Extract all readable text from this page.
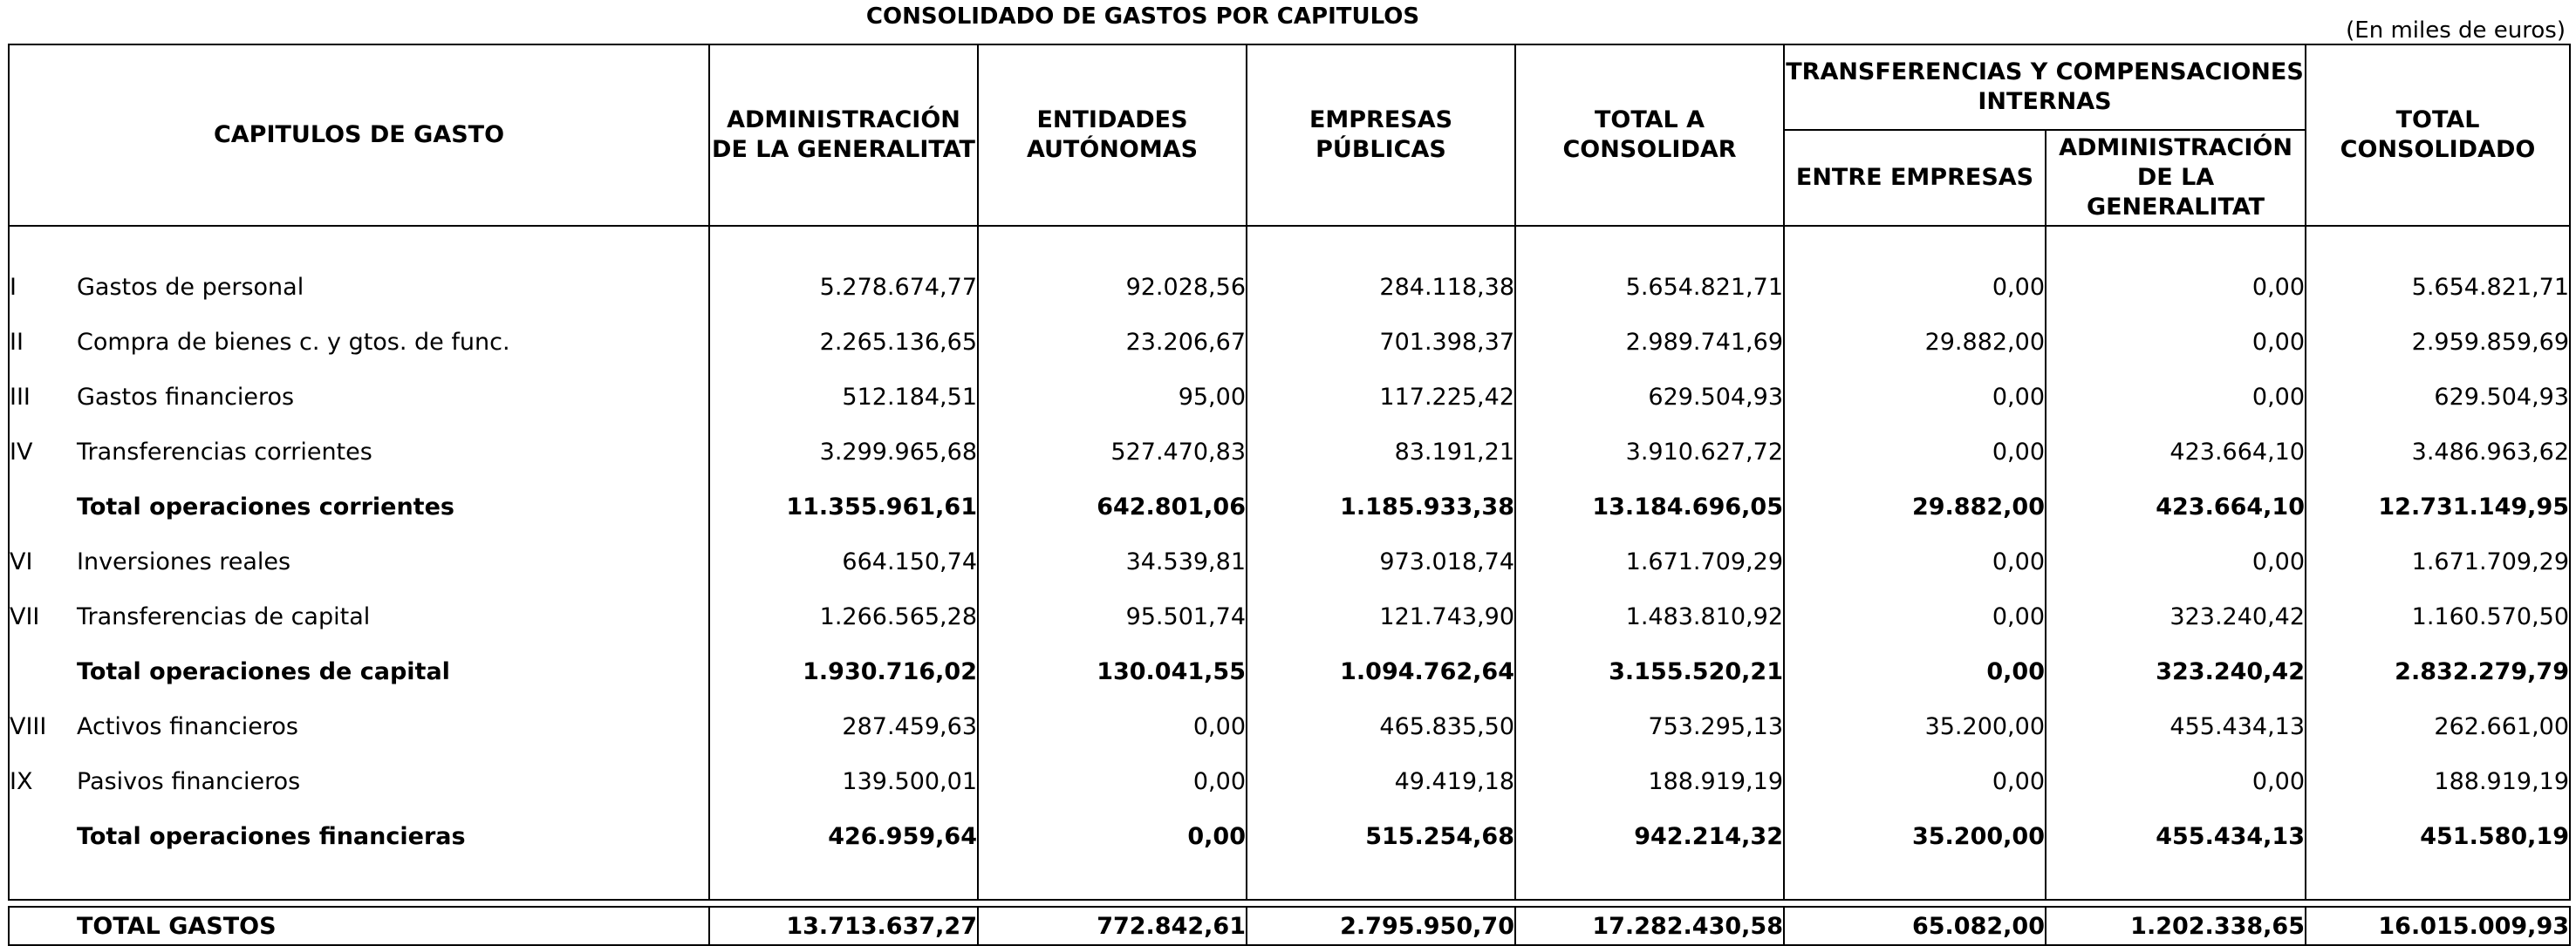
CONSOLIDADO DE GASTOS POR CAPITULOS
(En miles de euros)
CAPITULOS DE GASTO		ADMINISTRACIÓN DE LA GENERALITAT	ENTIDADES AUTÓNOMAS	EMPRESAS PÚBLICAS	TOTAL A CONSOLIDAR	TRANSFERENCIAS Y COMPENSACIONES INTERNAS		TOTAL CONSOLIDADO
						ENTRE EMPRESAS	ADMINISTRACIÓN DE LA GENERALITAT	

I	Gastos de personal	5.278.674,77	92.028,56	284.118,38	5.654.821,71	0,00	0,00	5.654.821,71
II	Compra de bienes c. y gtos. de func.	2.265.136,65	23.206,67	701.398,37	2.989.741,69	29.882,00	0,00	2.959.859,69
III	Gastos financieros	512.184,51	95,00	117.225,42	629.504,93	0,00	0,00	629.504,93
IV	Transferencias corrientes	3.299.965,68	527.470,83	83.191,21	3.910.627,72	0,00	423.664,10	3.486.963,62
	Total operaciones corrientes	11.355.961,61	642.801,06	1.185.933,38	13.184.696,05	29.882,00	423.664,10	12.731.149,95
VI	Inversiones reales	664.150,74	34.539,81	973.018,74	1.671.709,29	0,00	0,00	1.671.709,29
VII	Transferencias de capital	1.266.565,28	95.501,74	121.743,90	1.483.810,92	0,00	323.240,42	1.160.570,50
	Total operaciones de capital	1.930.716,02	130.041,55	1.094.762,64	3.155.520,21	0,00	323.240,42	2.832.279,79
VIII	Activos financieros	287.459,63	0,00	465.835,50	753.295,13	35.200,00	455.434,13	262.661,00
IX	Pasivos financieros	139.500,01	0,00	49.419,18	188.919,19	0,00	0,00	188.919,19
	Total operaciones financieras	426.959,64	0,00	515.254,68	942.214,32	35.200,00	455.434,13	451.580,19

	TOTAL GASTOS	13.713.637,27	772.842,61	2.795.950,70	17.282.430,58	65.082,00	1.202.338,65	16.015.009,93
